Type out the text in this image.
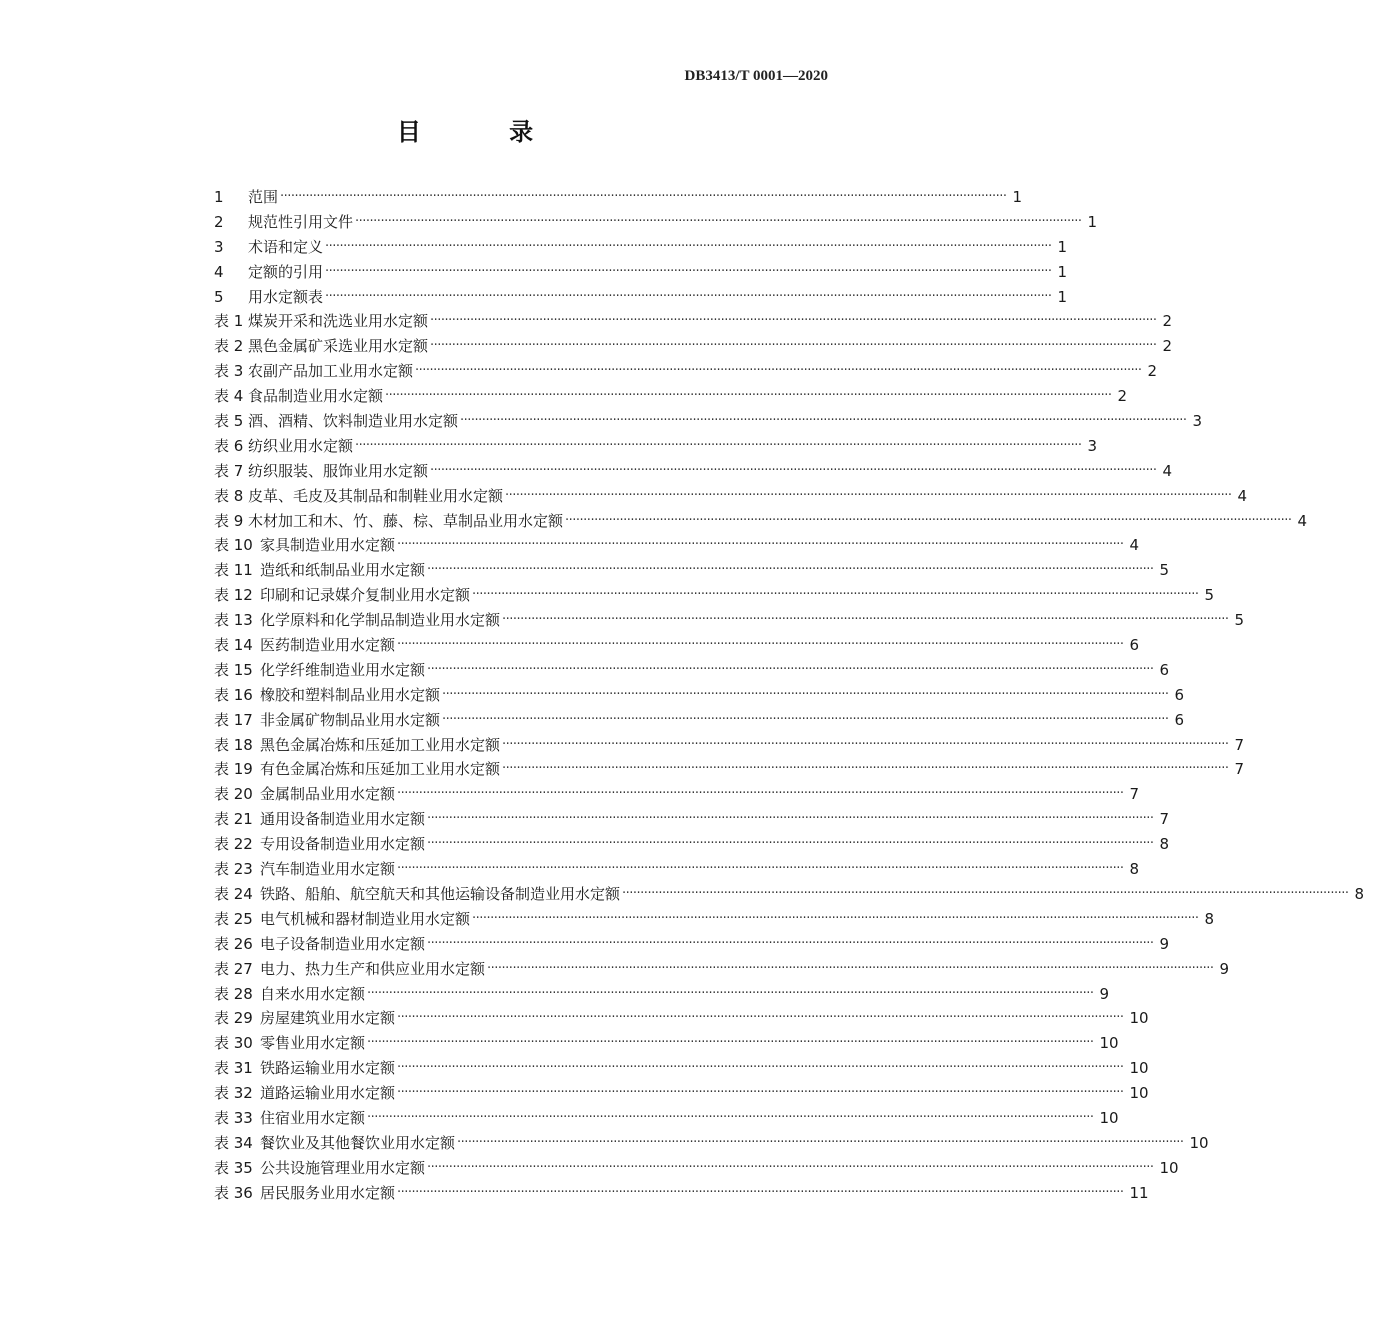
DB3413/T 0001—2020
目 录
1	范围 ········································································································································································································ 1
2	规范性引用文件 ········································································································································································································ 1
3	术语和定义 ········································································································································································································ 1
4	定额的引用 ········································································································································································································ 1
5	用水定额表 ········································································································································································································ 1
表 1 煤炭开采和洗选业用水定额 ········································································································································································································ 2
表 2 黑色金属矿采选业用水定额 ········································································································································································································ 2
表 3 农副产品加工业用水定额 ········································································································································································································ 2
表 4 食品制造业用水定额 ········································································································································································································ 2
表 5 酒、酒精、饮料制造业用水定额 ········································································································································································································ 3
表 6 纺织业用水定额 ········································································································································································································ 3
表 7 纺织服装、服饰业用水定额 ········································································································································································································ 4
表 8 皮革、毛皮及其制品和制鞋业用水定额 ········································································································································································································ 4
表 9 木材加工和木、竹、藤、棕、草制品业用水定额 ········································································································································································································ 4
表 10 家具制造业用水定额 ········································································································································································································ 4
表 11 造纸和纸制品业用水定额 ········································································································································································································ 5
表 12 印刷和记录媒介复制业用水定额 ········································································································································································································ 5
表 13 化学原料和化学制品制造业用水定额 ········································································································································································································ 5
表 14 医药制造业用水定额 ········································································································································································································ 6
表 15 化学纤维制造业用水定额 ········································································································································································································ 6
表 16 橡胶和塑料制品业用水定额 ········································································································································································································ 6
表 17 非金属矿物制品业用水定额 ········································································································································································································ 6
表 18 黑色金属冶炼和压延加工业用水定额 ········································································································································································································ 7
表 19 有色金属冶炼和压延加工业用水定额 ········································································································································································································ 7
表 20 金属制品业用水定额 ········································································································································································································ 7
表 21 通用设备制造业用水定额 ········································································································································································································ 7
表 22 专用设备制造业用水定额 ········································································································································································································ 8
表 23 汽车制造业用水定额 ········································································································································································································ 8
表 24 铁路、船舶、航空航天和其他运输设备制造业用水定额 ········································································································································································································ 8
表 25 电气机械和器材制造业用水定额 ········································································································································································································ 8
表 26 电子设备制造业用水定额 ········································································································································································································ 9
表 27 电力、热力生产和供应业用水定额 ········································································································································································································ 9
表 28 自来水用水定额 ········································································································································································································ 9
表 29 房屋建筑业用水定额 ········································································································································································································ 10
表 30 零售业用水定额 ········································································································································································································ 10
表 31 铁路运输业用水定额 ········································································································································································································ 10
表 32 道路运输业用水定额 ········································································································································································································ 10
表 33 住宿业用水定额 ········································································································································································································ 10
表 34 餐饮业及其他餐饮业用水定额 ········································································································································································································ 10
表 35 公共设施管理业用水定额 ········································································································································································································ 10
表 36 居民服务业用水定额 ········································································································································································································ 11
